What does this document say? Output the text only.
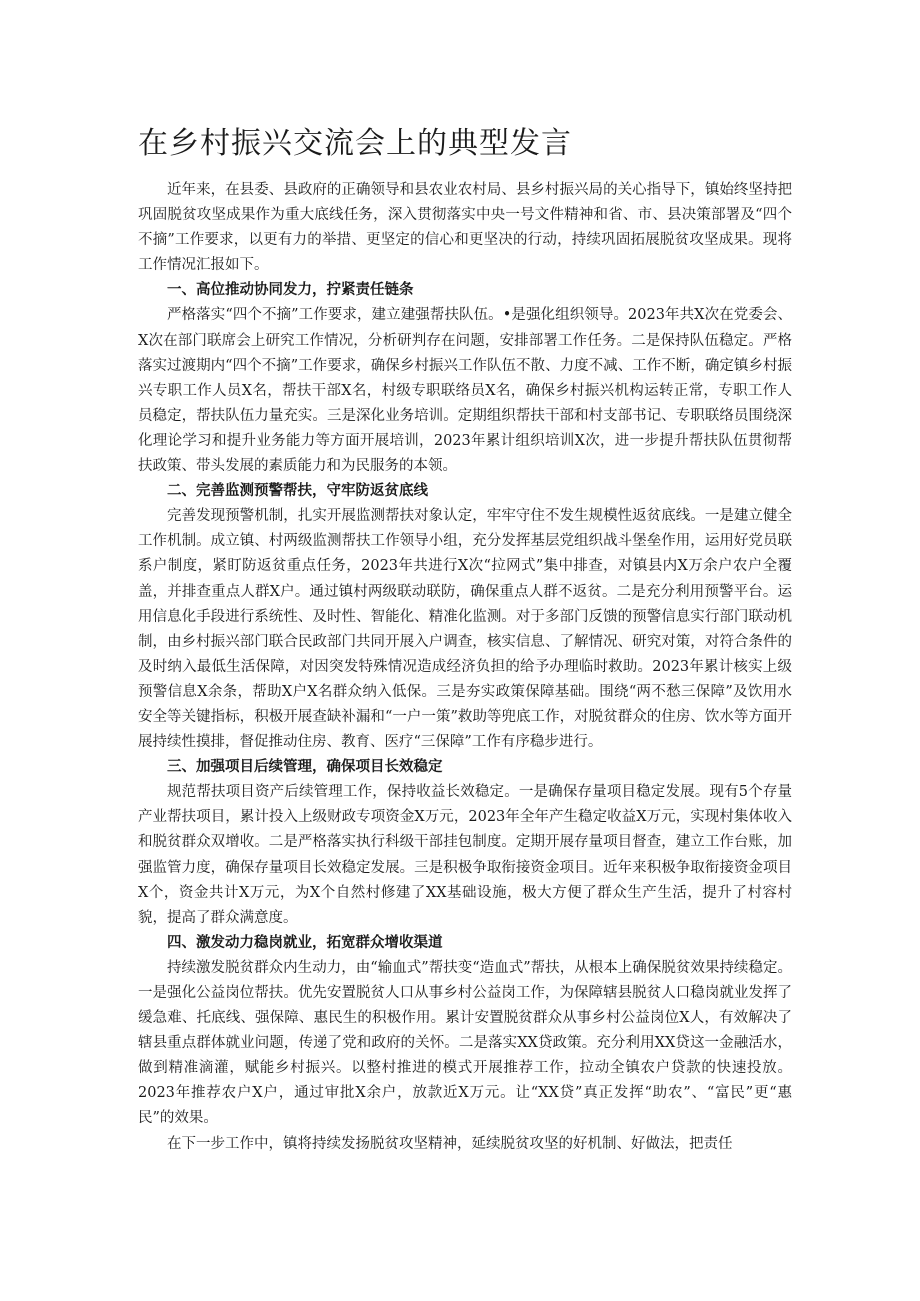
在乡村振兴交流会上的典型发言

近年来，在县委、县政府的正确领导和县农业农村局、县乡村振兴局的关心指导下，镇始终坚持把巩固脱贫攻坚成果作为重大底线任务，深入贯彻落实中央一号文件精神和省、市、县决策部署及“四个不摘”工作要求，以更有力的举措、更坚定的信心和更坚决的行动，持续巩固拓展脱贫攻坚成果。现将工作情况汇报如下。

一、高位推动协同发力，拧紧责任链条

严格落实“四个不摘”工作要求，建立建强帮扶队伍。•是强化组织领导。2023年共X次在党委会、X次在部门联席会上研究工作情况，分析研判存在问题，安排部署工作任务。二是保持队伍稳定。严格落实过渡期内“四个不摘”工作要求，确保乡村振兴工作队伍不散、力度不减、工作不断，确定镇乡村振兴专职工作人员X名，帮扶干部X名，村级专职联络员X名，确保乡村振兴机构运转正常，专职工作人员稳定，帮扶队伍力量充实。三是深化业务培训。定期组织帮扶干部和村支部书记、专职联络员围绕深化理论学习和提升业务能力等方面开展培训，2023年累计组织培训X次，进一步提升帮扶队伍贯彻帮扶政策、带头发展的素质能力和为民服务的本领。

二、完善监测预警帮扶，守牢防返贫底线

完善发现预警机制，扎实开展监测帮扶对象认定，牢牢守住不发生规模性返贫底线。一是建立健全工作机制。成立镇、村两级监测帮扶工作领导小组，充分发挥基层党组织战斗堡垒作用，运用好党员联系户制度，紧盯防返贫重点任务，2023年共进行X次“拉网式”集中排查，对镇县内X万余户农户全覆盖，并排查重点人群X户。通过镇村两级联动联防，确保重点人群不返贫。二是充分利用预警平台。运用信息化手段进行系统性、及时性、智能化、精准化监测。对于多部门反馈的预警信息实行部门联动机制，由乡村振兴部门联合民政部门共同开展入户调查，核实信息、了解情况、研究对策，对符合条件的及时纳入最低生活保障，对因突发特殊情况造成经济负担的给予办理临时救助。2023年累计核实上级预警信息X余条，帮助X户X名群众纳入低保。三是夯实政策保障基础。围绕“两不愁三保障”及饮用水安全等关键指标，积极开展查缺补漏和“一户一策”救助等兜底工作，对脱贫群众的住房、饮水等方面开展持续性摸排，督促推动住房、教育、医疗“三保障”工作有序稳步进行。

三、加强项目后续管理，确保项目长效稳定

规范帮扶项目资产后续管理工作，保持收益长效稳定。一是确保存量项目稳定发展。现有5个存量产业帮扶项目，累计投入上级财政专项资金X万元，2023年全年产生稳定收益X万元，实现村集体收入和脱贫群众双增收。二是严格落实执行科级干部挂包制度。定期开展存量项目督查，建立工作台账，加强监管力度，确保存量项目长效稳定发展。三是积极争取衔接资金项目。近年来积极争取衔接资金项目X个，资金共计X万元，为X个自然村修建了XX基础设施，极大方便了群众生产生活，提升了村容村貌，提高了群众满意度。

四、激发动力稳岗就业，拓宽群众增收渠道

持续激发脱贫群众内生动力，由“输血式”帮扶变“造血式”帮扶，从根本上确保脱贫效果持续稳定。一是强化公益岗位帮扶。优先安置脱贫人口从事乡村公益岗工作，为保障辖县脱贫人口稳岗就业发挥了缓急难、托底线、强保障、惠民生的积极作用。累计安置脱贫群众从事乡村公益岗位X人，有效解决了辖县重点群体就业问题，传递了党和政府的关怀。二是落实XX贷政策。充分利用XX贷这一金融活水，做到精准滴灌，赋能乡村振兴。以整村推进的模式开展推荐工作，拉动全镇农户贷款的快速投放。2023年推荐农户X户，通过审批X余户，放款近X万元。让“XX贷”真正发挥“助农”、“富民”更“惠民”的效果。

在下一步工作中，镇将持续发扬脱贫攻坚精神，延续脱贫攻坚的好机制、好做法，把责任
